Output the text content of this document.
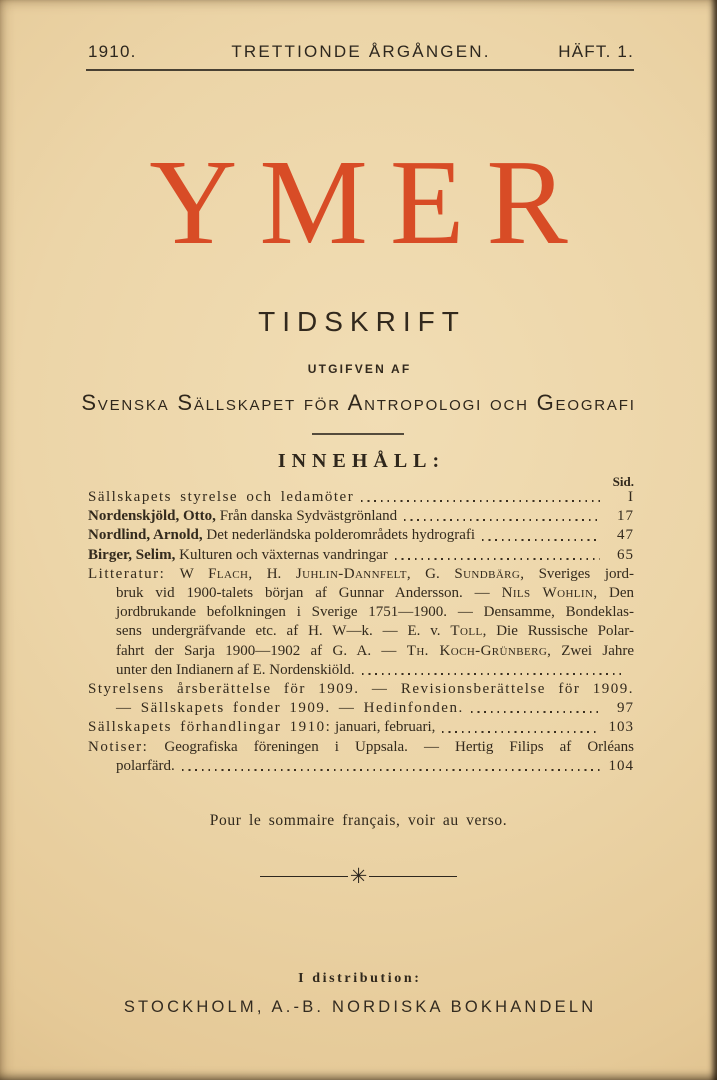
1910.	TRETTIONDE ÅRGÅNGEN.	HÄFT. 1.
YMER
TIDSKRIFT
UTGIFVEN AF
Svenska Sällskapet för Antropologi och Geografi
INNEHÅLL:
Sid.
Sällskapets styrelse och ledamöter	I
Nordenskjöld, Otto, Från danska Sydvästgrönland	17
Nordlind, Arnold, Det nederländska polderområdets hydrografi	47
Birger, Selim, Kulturen och växternas vandringar	65
Litteratur: W Flach, H. Juhlin-Dannfelt, G. Sundbärg, Sveriges jord-
bruk vid 1900-talets början af Gunnar Andersson. — Nils Wohlin, Den
jordbrukande befolkningen i Sverige 1751—1900. — Densamme, Bondeklas-
sens undergräfvande etc. af H. W—k. — E. v. Toll, Die Russische Polar-
fahrt der Sarja 1900—1902 af G. A. — Th. Koch-Grünberg, Zwei Jahre
unter den Indianern af E. Nordenskiöld.
Styrelsens årsberättelse för 1909. — Revisionsberättelse för 1909.
— Sällskapets fonder 1909. — Hedinfonden.	97
Sällskapets förhandlingar 1910: januari, februari,	103
Notiser: Geografiska föreningen i Uppsala. — Hertig Filips af Orléans
polarfärd.	104
Pour le sommaire français, voir au verso.
✳
I distribution:
STOCKHOLM, A.-B. NORDISKA BOKHANDELN
